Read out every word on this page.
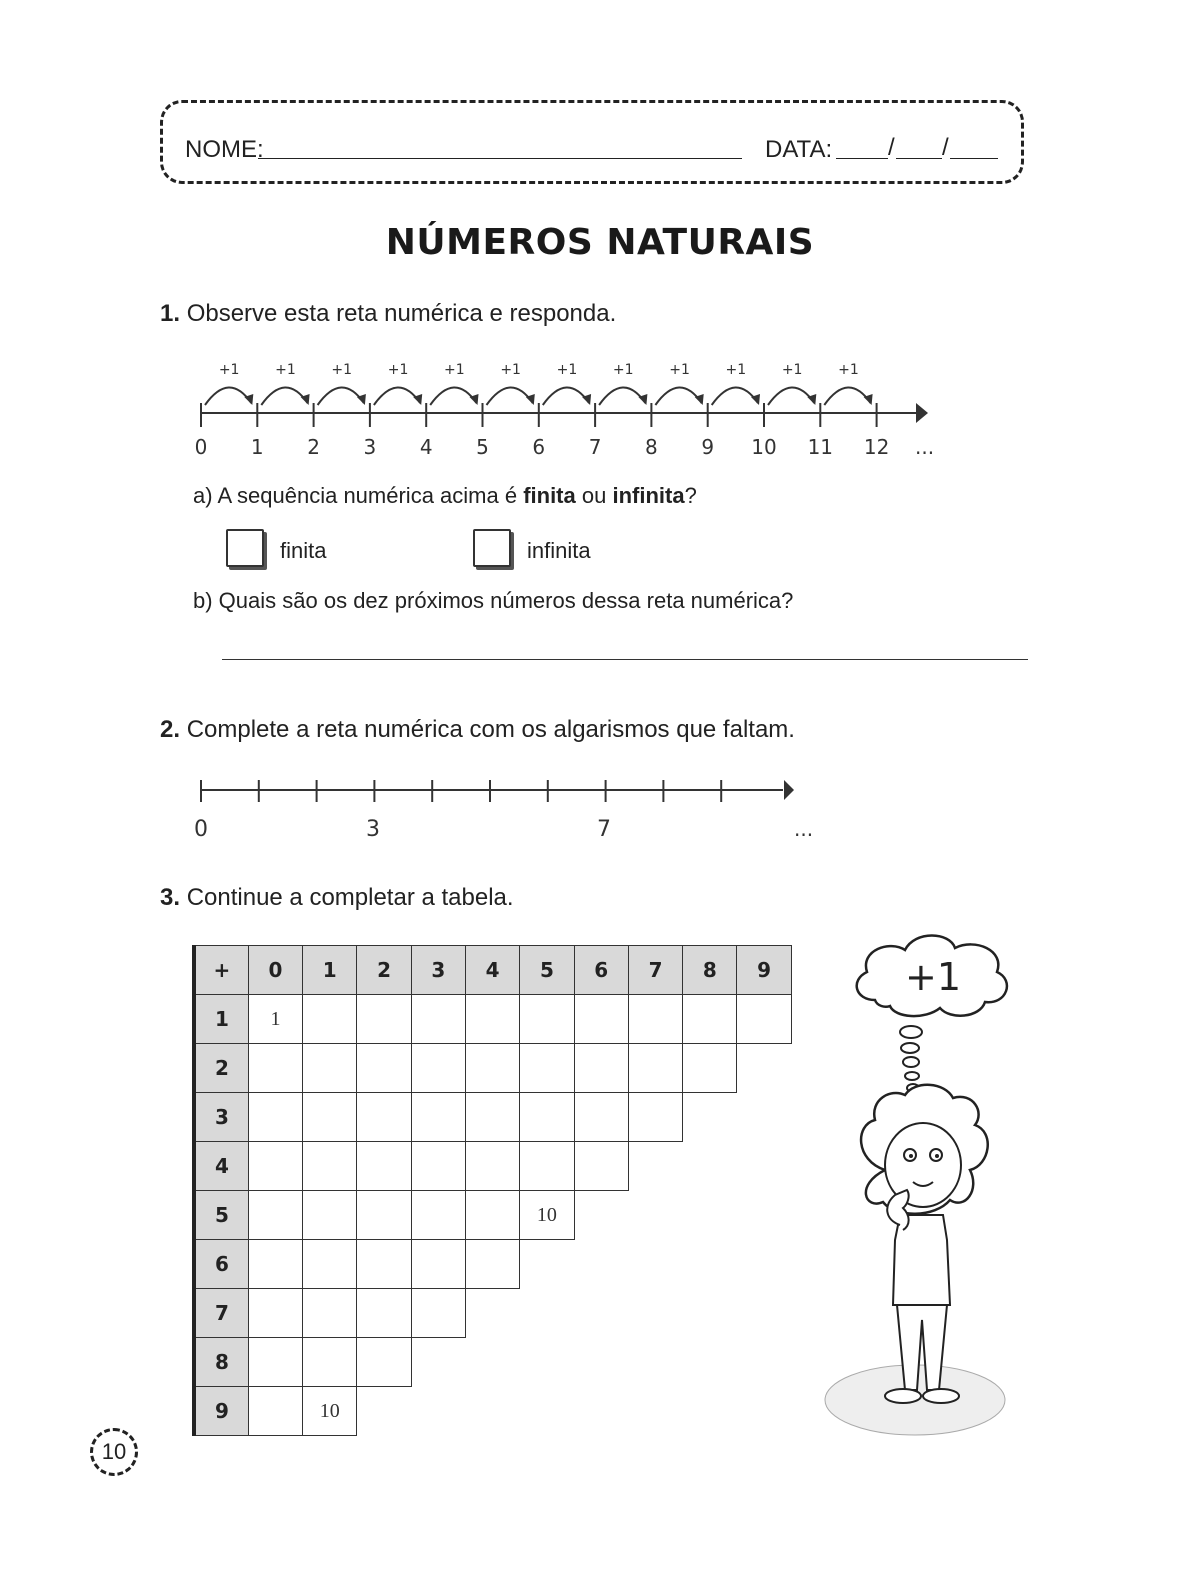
NOME:	DATA: / /
NÚMEROS NATURAIS
1. Observe esta reta numérica e responda.
+1	+1	+1	+1	+1	+1	+1	+1	+1	+1	+1	+1
0 1 2 3 4 5 6 7 8 9 10 11 12 ...
a) A sequência numérica acima é finita ou infinita?
finita	infinita
b) Quais são os dez próximos números dessa reta numérica?
2. Complete a reta numérica com os algarismos que faltam.
0	3	7	...
3. Continue a completar a tabela.
+	0	1	2	3	4	5	6	7	8	9
1	1									
2										
3										
4										
5						10				
6										
7										
8										
9		10								
+1
10
